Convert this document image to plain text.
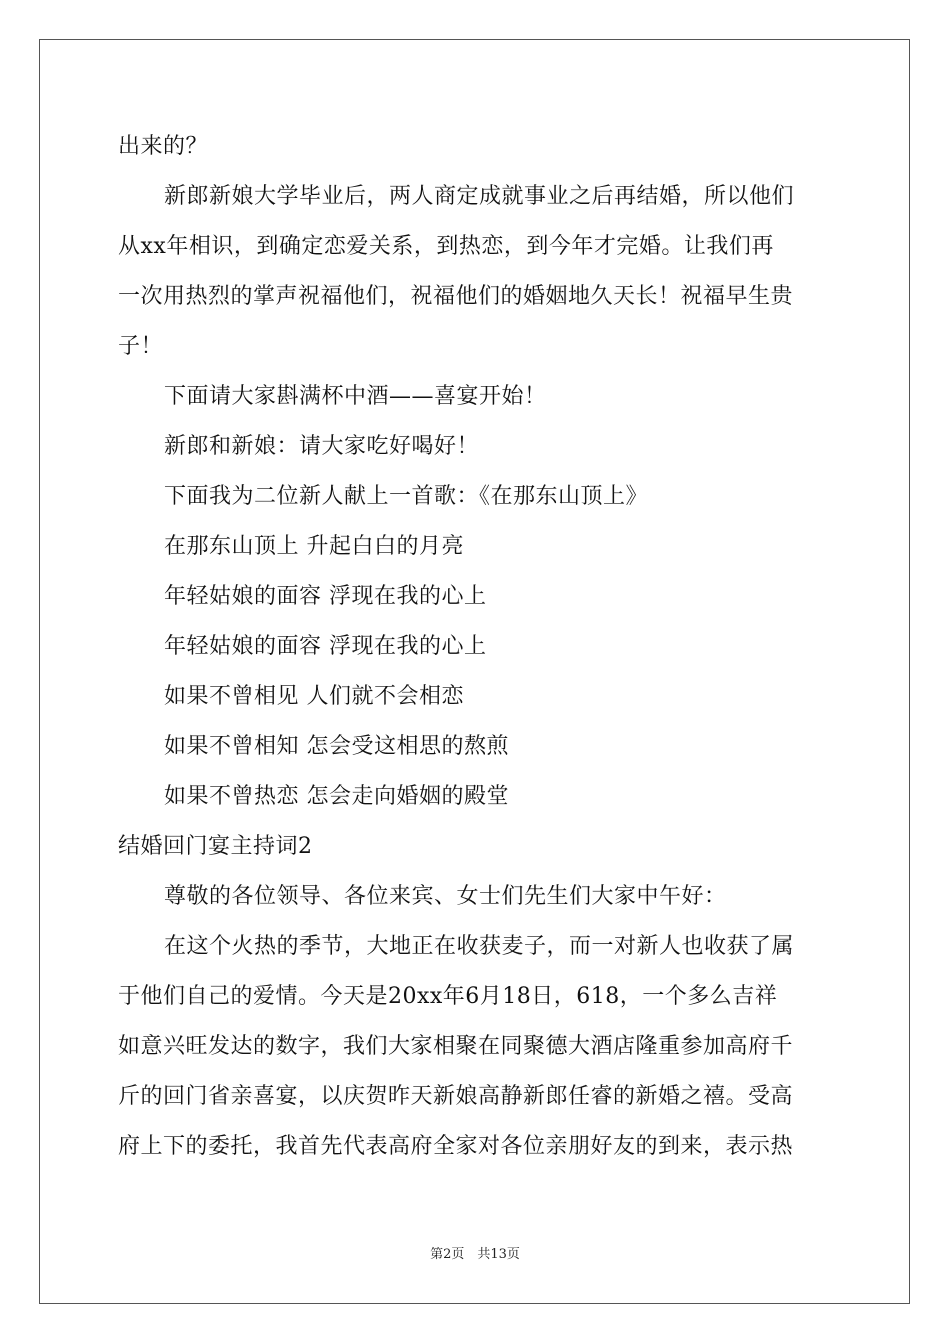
出来的？
新郎新娘大学毕业后，两人商定成就事业之后再结婚，所以他们
从xx年相识，到确定恋爱关系，到热恋，到今年才完婚。让我们再
一次用热烈的掌声祝福他们，祝福他们的婚姻地久天长！祝福早生贵
子！
下面请大家斟满杯中酒——喜宴开始！
新郎和新娘：请大家吃好喝好！
下面我为二位新人献上一首歌：《在那东山顶上》
在那东山顶上 升起白白的月亮
年轻姑娘的面容 浮现在我的心上
年轻姑娘的面容 浮现在我的心上
如果不曾相见 人们就不会相恋
如果不曾相知 怎会受这相思的熬煎
如果不曾热恋 怎会走向婚姻的殿堂
结婚回门宴主持词2
尊敬的各位领导、各位来宾、女士们先生们大家中午好：
在这个火热的季节，大地正在收获麦子，而一对新人也收获了属
于他们自己的爱情。今天是20xx年6月18日，618，一个多么吉祥
如意兴旺发达的数字，我们大家相聚在同聚德大酒店隆重参加高府千
斤的回门省亲喜宴，以庆贺昨天新娘高静新郎任睿的新婚之禧。受高
府上下的委托，我首先代表高府全家对各位亲朋好友的到来，表示热
第2页　共13页
